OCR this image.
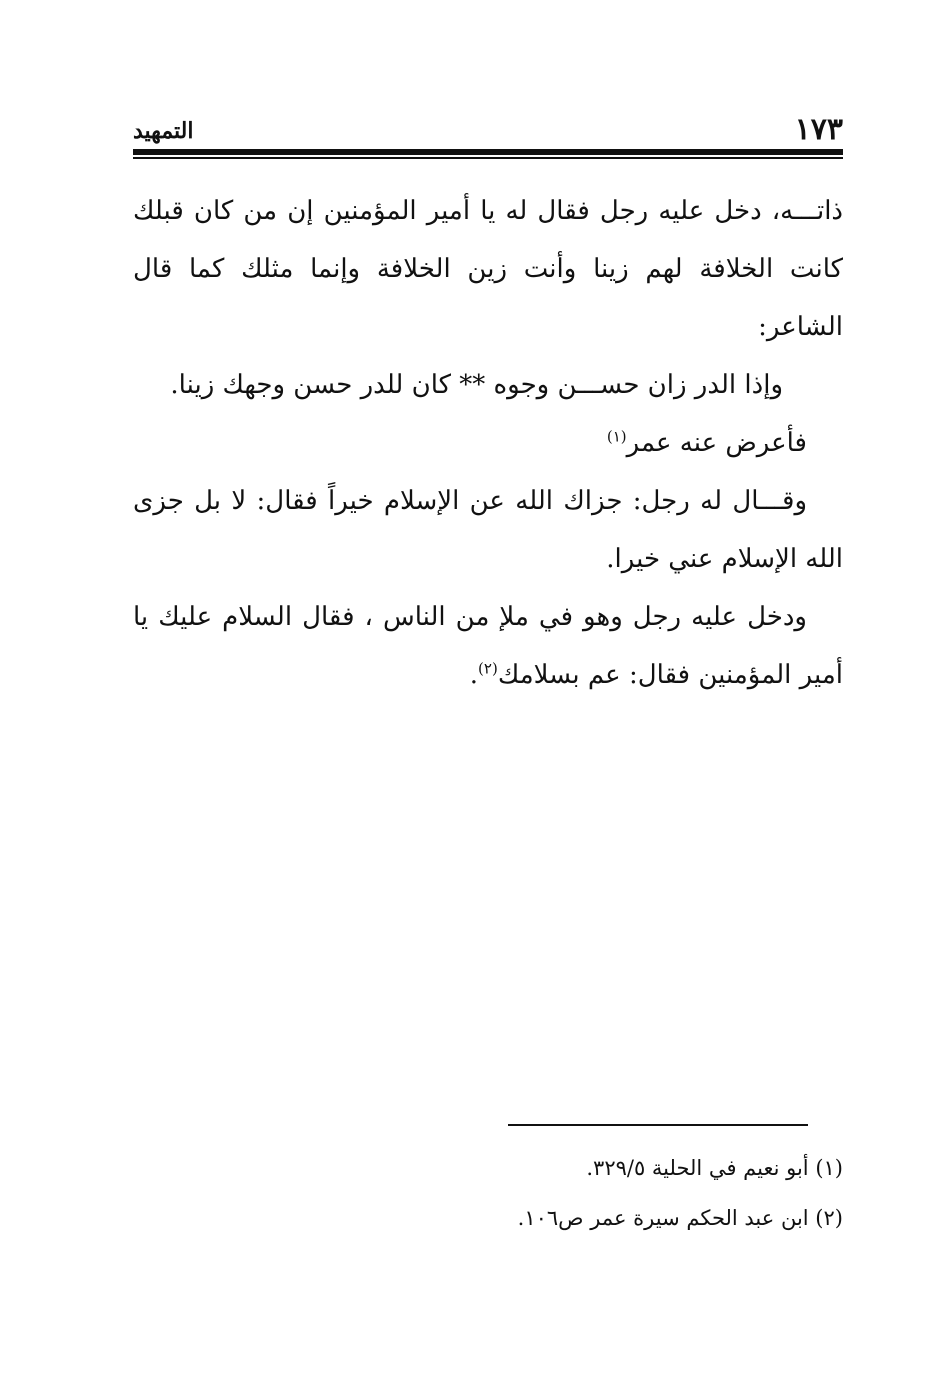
١٧٣
التمهيد

ذاتـــه، دخل عليه رجل فقال له يا أمير المؤمنين إن من كان قبلك كانت الخلافة لهم زينا وأنت زين الخلافة وإنما مثلك كما قال الشاعر:

وإذا الدر زان حســـن وجوه ** كان للدر حسن وجهك زينا.

فأعرض عنه عمر$^{(١)}$

وقـــال له رجل: جزاك الله عن الإسلام خيراً فقال: لا بل جزى الله الإسلام عني خيرا.

ودخل عليه رجل وهو في ملإ من الناس ، فقال السلام عليك يا أمير المؤمنين فقال: عم بسلامك$^{(٢)}$.

(١) أبو نعيم في الحلية ٣٢٩/٥.

(٢) ابن عبد الحكم سيرة عمر ص١٠٦.
